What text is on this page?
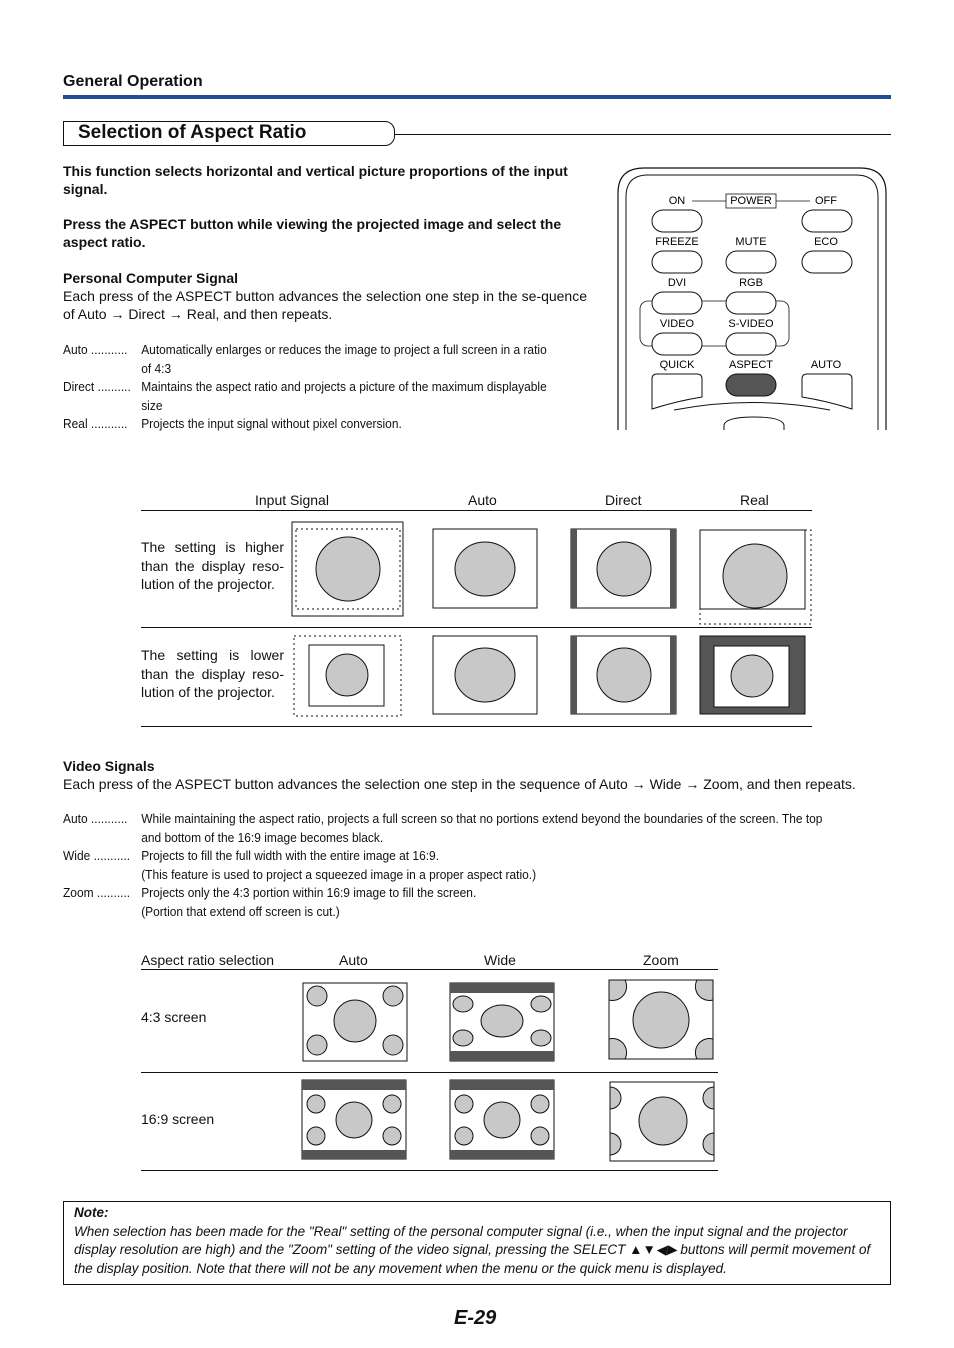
General Operation
Selection of Aspect Ratio
This function selects horizontal and vertical picture proportions of the input signal.
Press the ASPECT button while viewing the projected image and select the aspect ratio.
Personal Computer Signal
Each press of the ASPECT button advances the selection one step in the se-quence of Auto → Direct → Real, and then repeats.
Auto ........... Automatically enlarges or reduces the image to project a full screen in a ratio
of 4:3
Direct .......... Maintains the aspect ratio and projects a picture of the maximum displayable
size
Real ........... Projects the input signal without pixel conversion.
ON	POWER	OFF
FREEZE	MUTE	ECO
DVI	RGB
VIDEO	S-VIDEO
QUICK	ASPECT	AUTO
Input Signal	Auto	Direct	Real
The setting is higher than the display reso-lution of the projector.
The setting is lower than the display reso-lution of the projector.
Video Signals
Each press of the ASPECT button advances the selection one step in the sequence of Auto → Wide → Zoom, and then repeats.
Auto ........... While maintaining the aspect ratio, projects a full screen so that no portions extend beyond the boundaries of the screen. The top
and bottom of the 16:9 image becomes black.
Wide ........... Projects to fill the full width with the entire image at 16:9.
(This feature is used to project a squeezed image in a proper aspect ratio.)
Zoom .......... Projects only the 4:3 portion within 16:9 image to fill the screen.
(Portion that extend off screen is cut.)
Aspect ratio selection	Auto	Wide	Zoom
4:3 screen
16:9 screen
Note:
When selection has been made for the "Real" setting of the personal computer signal (i.e., when the input signal and the projector display resolution are high) and the "Zoom" setting of the video signal, pressing the SELECT ▲▼◀▶ buttons will permit movement of the display position. Note that there will not be any movement when the menu or the quick menu is displayed.
E-29
